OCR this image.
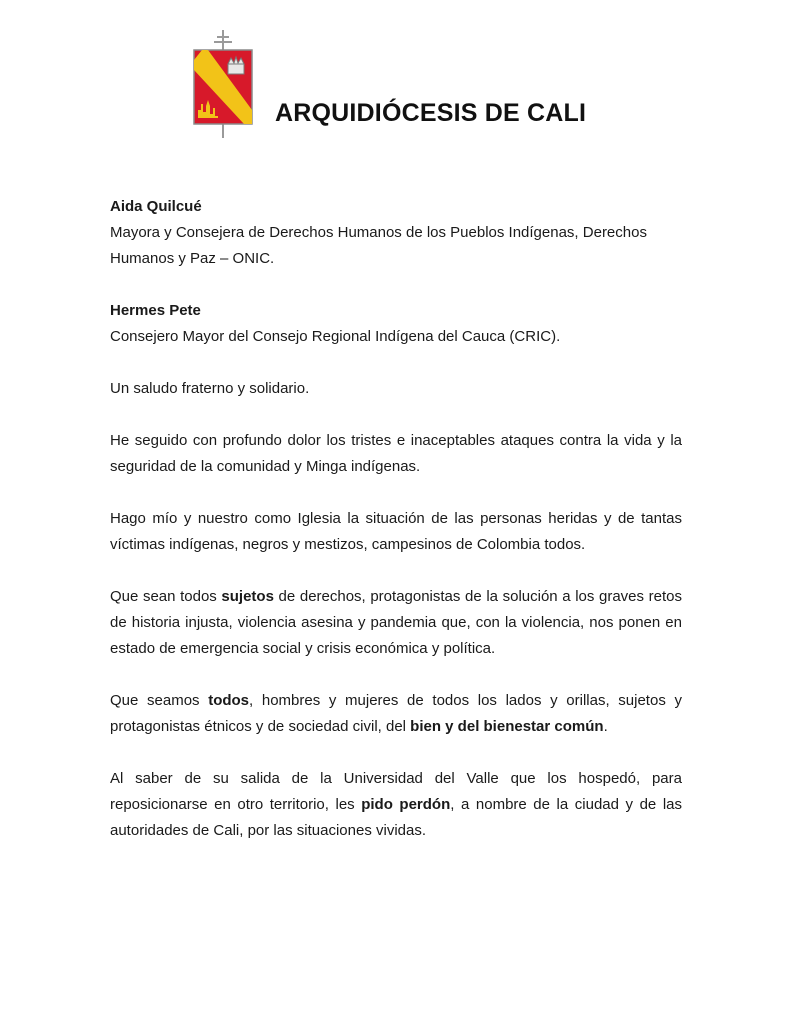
ARQUIDIÓCESIS DE CALI

Aida Quilcué

Mayora y Consejera de Derechos Humanos de los Pueblos Indígenas, Derechos
Humanos y Paz – ONIC.

Hermes Pete

Consejero Mayor del Consejo Regional Indígena del Cauca (CRIC).

Un saludo fraterno y solidario.

He seguido con profundo dolor los tristes e inaceptables ataques contra la vida y la seguridad de la comunidad y Minga indígenas.

Hago mío y nuestro como Iglesia la situación de las personas heridas y de tantas víctimas indígenas, negros y mestizos, campesinos de Colombia todos.

Que sean todos sujetos de derechos, protagonistas de la solución a los graves retos de historia injusta, violencia asesina y pandemia que, con la violencia, nos ponen en estado de emergencia social y crisis económica y política.

Que seamos todos, hombres y mujeres de todos los lados y orillas, sujetos y protagonistas étnicos y de sociedad civil, del bien y del bienestar común.

Al saber de su salida de la Universidad del Valle que los hospedó, para reposicionarse en otro territorio, les pido perdón, a nombre de la ciudad y de las autoridades de Cali, por las situaciones vividas.
